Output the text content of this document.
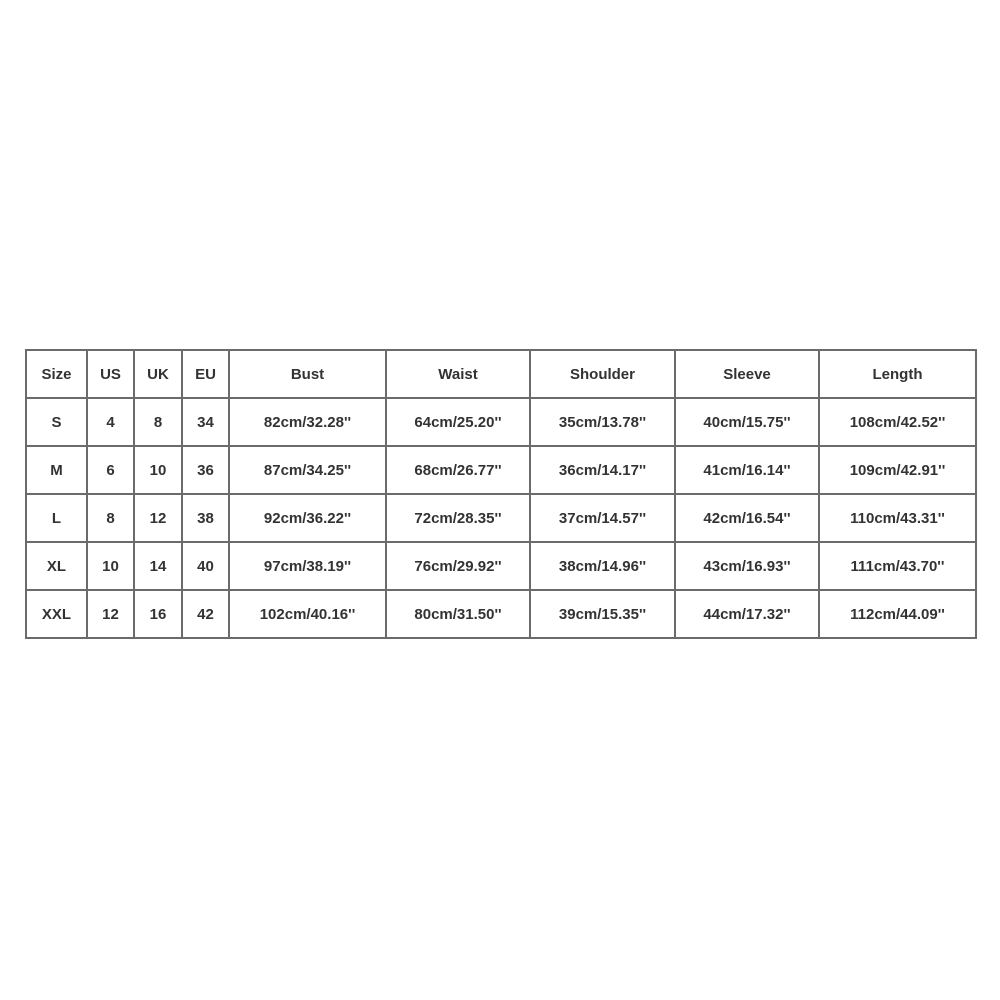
Size	US	UK	EU	Bust	Waist	Shoulder	Sleeve	Length
S	4	8	34	82cm/32.28''	64cm/25.20''	35cm/13.78''	40cm/15.75''	108cm/42.52''
M	6	10	36	87cm/34.25''	68cm/26.77''	36cm/14.17''	41cm/16.14''	109cm/42.91''
L	8	12	38	92cm/36.22''	72cm/28.35''	37cm/14.57''	42cm/16.54''	110cm/43.31''
XL	10	14	40	97cm/38.19''	76cm/29.92''	38cm/14.96''	43cm/16.93''	111cm/43.70''
XXL	12	16	42	102cm/40.16''	80cm/31.50''	39cm/15.35''	44cm/17.32''	112cm/44.09''
